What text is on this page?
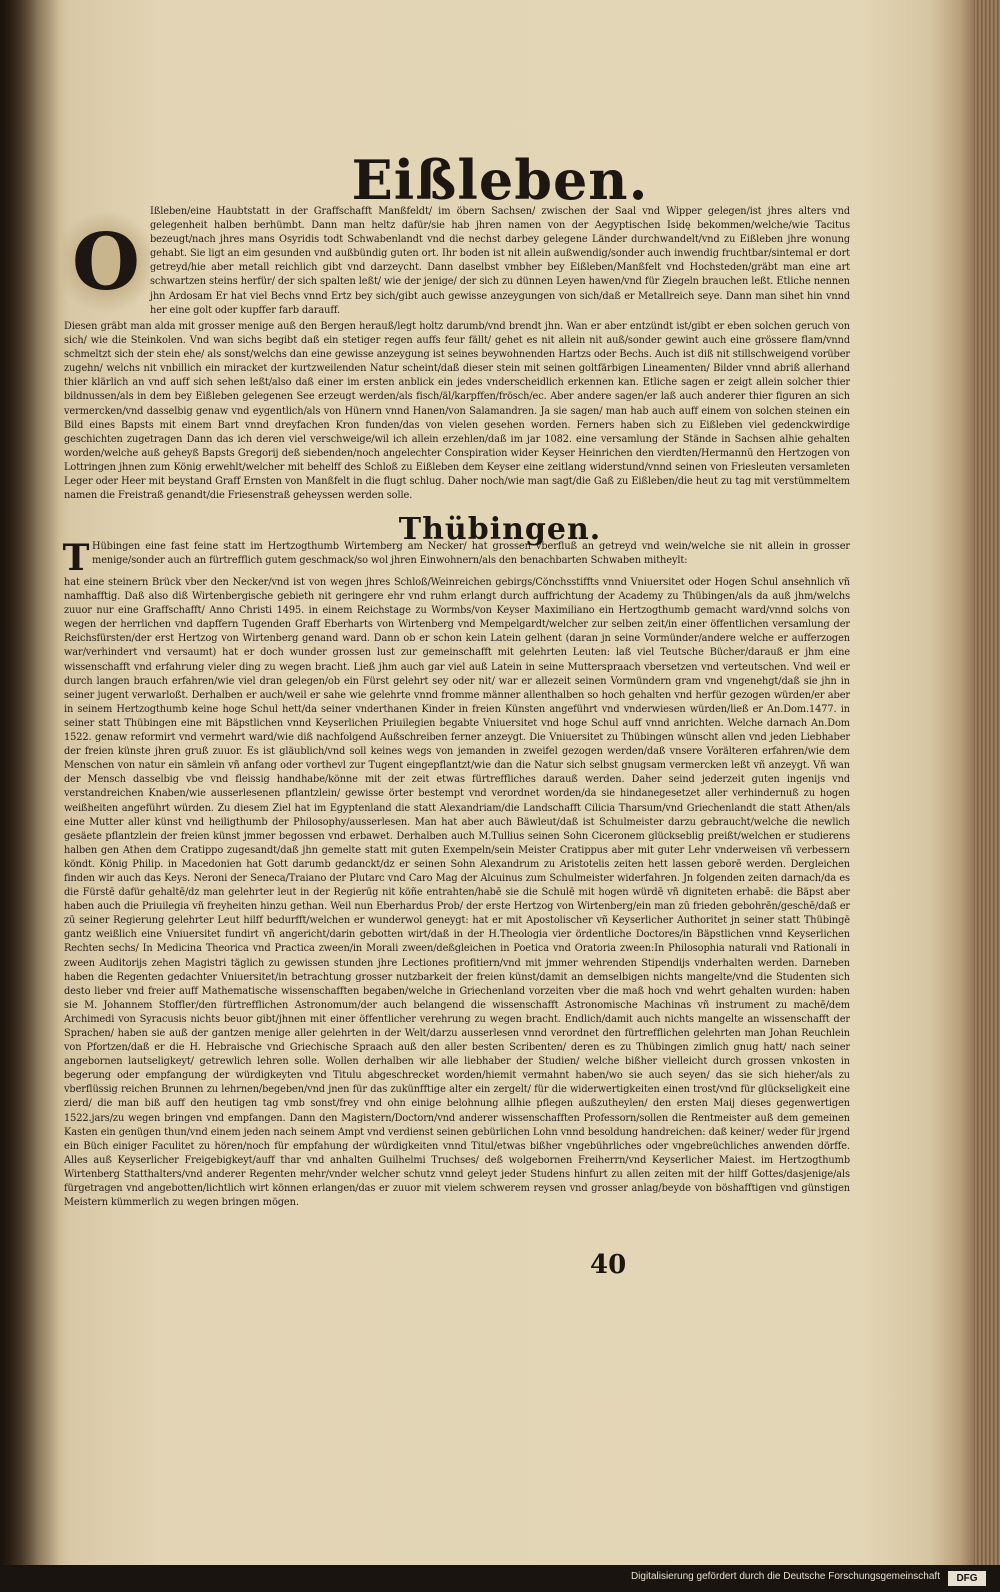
Eißleben.
O
Ißleben/eine Haubtstatt in der Graffschafft Manßfeldt/ im öbern Sachsen/ zwischen der Saal vnd Wipper gelegen/ist jhres alters vnd gelegenheit halben berhümbt. Dann man heltz dafür/sie hab jhren namen von der Aegyptischen Isidę bekommen/welche/wie Tacitus bezeugt/nach jhres mans Osyridis todt Schwabenlandt vnd die nechst darbey gelegene Länder durchwandelt/vnd zu Eißleben jhre wonung gehabt. Sie ligt an eim gesunden vnd außbündig guten ort. Ihr boden ist nit allein außwendig/sonder auch inwendig fruchtbar/sintemal er dort getreyd/hie aber metall reichlich gibt vnd darzeycht. Dann daselbst vmbher bey Eißleben/Manßfelt vnd Hochsteden/gräbt man eine art schwartzen steins herfür/ der sich spalten leßt/ wie der jenige/ der sich zu dünnen Leyen hawen/vnd für Ziegeln brauchen leßt. Etliche nennen jhn Ardosam Er hat viel Bechs vnnd Ertz bey sich/gibt auch gewisse anzeygungen von sich/daß er Metallreich seye. Dann man sihet hin vnnd her eine golt oder kupffer farb darauff.
Diesen gräbt man alda mit grosser menige auß den Bergen herauß/legt holtz darumb/vnd brendt jhn. Wan er aber entzündt ist/gibt er eben solchen geruch von sich/ wie die Steinkolen. Vnd wan sichs begibt daß ein stetiger regen auffs feur fällt/ gehet es nit allein nit auß/sonder gewint auch eine grössere flam/vnnd schmeltzt sich der stein ehe/ als sonst/welchs dan eine gewisse anzeygung ist seines beywohnenden Hartzs oder Bechs. Auch ist diß nit stillschweigend vorüber zugehn/ welchs nit vnbillich ein miracket der kurtzweilenden Natur scheint/daß dieser stein mit seinen goltfärbigen Lineamenten/ Bilder vnnd abriß allerhand thier klärlich an vnd auff sich sehen leßt/also daß einer im ersten anblick ein jedes vnderscheidlich erkennen kan. Etliche sagen er zeigt allein solcher thier bildnussen/als in dem bey Eißleben gelegenen See erzeugt werden/als fisch/äl/karpffen/frösch/ec. Aber andere sagen/er laß auch anderer thier figuren an sich vermercken/vnd dasselbig genaw vnd eygentlich/als von Hünern vnnd Hanen/von Salamandren. Ja sie sagen/ man hab auch auff einem von solchen steinen ein Bild eines Bapsts mit einem Bart vnnd dreyfachen Kron funden/das von vielen gesehen worden. Ferners haben sich zu Eißleben viel gedenckwirdige geschichten zugetragen Dann das ich deren viel verschweige/wil ich allein erzehlen/daß im jar 1082. eine versamlung der Stände in Sachsen alhie gehalten worden/welche auß geheyß Bapsts Gregorij deß siebenden/noch angelechter Conspiration wider Keyser Heinrichen den vierdten/Hermannū den Hertzogen von Lottringen jhnen zum König erwehlt/welcher mit behelff des Schloß zu Eißleben dem Keyser eine zeitlang widerstund/vnnd seinen von Friesleuten versamleten Leger oder Heer mit beystand Graff Ernsten von Manßfelt in die flugt schlug. Daher noch/wie man sagt/die Gaß zu Eißleben/die heut zu tag mit verstümmeltem namen die Freistraß genandt/die Friesenstraß geheyssen werden solle.
Thübingen.
T Hübingen eine fast feine statt im Hertzogthumb Wirtemberg am Necker/ hat grossen vberfluß an getreyd vnd wein/welche sie nit allein in grosser menige/sonder auch an fürtrefflich gutem geschmack/so wol jhren Einwohnern/als den benachbarten Schwaben mitheylt:
hat eine steinern Brück vber den Necker/vnd ist von wegen jhres Schloß/Weinreichen gebirgs/Cönchsstiffts vnnd Vniuersitet oder Hogen Schul ansehnlich vñ namhafftig. Daß also diß Wirtenbergische gebieth nit geringere ehr vnd ruhm erlangt durch auffrichtung der Academy zu Thübingen/als da auß jhm/welchs zuuor nur eine Graffschafft/ Anno Christi 1495. in einem Reichstage zu Wormbs/von Keyser Maximiliano ein Hertzogthumb gemacht ward/vnnd solchs von wegen der herrlichen vnd dapffern Tugenden Graff Eberharts von Wirtenberg vnd Mempelgardt/welcher zur selben zeit/in einer öffentlichen versamlung der Reichsfürsten/der erst Hertzog von Wirtenberg genand ward. Dann ob er schon kein Latein gelhent (daran jn seine Vormünder/andere welche er aufferzogen war/verhindert vnd versaumt) hat er doch wunder grossen lust zur gemeinschafft mit gelehrten Leuten: laß viel Teutsche Bücher/darauß er jhm eine wissenschafft vnd erfahrung vieler ding zu wegen bracht. Ließ jhm auch gar viel auß Latein in seine Mutterspraach vbersetzen vnd verteutschen. Vnd weil er durch langen brauch erfahren/wie viel dran gelegen/ob ein Fürst gelehrt sey oder nit/ war er allezeit seinen Vormündern gram vnd vngenehgt/daß sie jhn in seiner jugent verwarloßt. Derhalben er auch/weil er sahe wie gelehrte vnnd fromme männer allenthalben so hoch gehalten vnd herfür gezogen würden/er aber in seinem Hertzogthumb keine hoge Schul hett/da seiner vnderthanen Kinder in freien Künsten angeführt vnd vnderwiesen würden/ließ er An.Dom.1477. in seiner statt Thübingen eine mit Bäpstlichen vnnd Keyserlichen Priuilegien begabte Vniuersitet vnd hoge Schul auff vnnd anrichten. Welche darnach An.Dom 1522. genaw reformirt vnd vermehrt ward/wie diß nachfolgend Außschreiben ferner anzeygt. Die Vniuersitet zu Thübingen wünscht allen vnd jeden Liebhaber der freien künste jhren gruß zuuor. Es ist gläublich/vnd soll keines wegs von jemanden in zweifel gezogen werden/daß vnsere Vorälteren erfahren/wie dem Menschen von natur ein sämlein vñ anfang oder vorthevl zur Tugent eingepflantzt/wie dan die Natur sich selbst gnugsam vermercken leßt vñ anzeygt. Vñ wan der Mensch dasselbig vbe vnd fleissig handhabe/könne mit der zeit etwas fürtreffliches darauß werden. Daher seind jederzeit guten ingenijs vnd verstandreichen Knaben/wie ausserlesenen pflantzlein/ gewisse örter bestempt vnd verordnet worden/da sie hindanegesetzet aller verhindernuß zu hogen weißheiten angeführt würden. Zu diesem Ziel hat im Egyptenland die statt Alexandriam/die Landschafft Cilicia Tharsum/vnd Griechenlandt die statt Athen/als eine Mutter aller künst vnd heiligthumb der Philosophy/ausserlesen. Man hat aber auch Bäwleut/daß ist Schulmeister darzu gebraucht/welche die newlich gesäete pflantzlein der freien künst jmmer begossen vnd erbawet. Derhalben auch M.Tullius seinen Sohn Ciceronem glückseblig preißt/welchen er studierens halben gen Athen dem Cratippo zugesandt/daß jhn gemelte statt mit guten Exempeln/sein Meister Cratippus aber mit guter Lehr vnderweisen vñ verbessern köndt. König Philip. in Macedonien hat Gott darumb gedanckt/dz er seinen Sohn Alexandrum zu Aristotelis zeiten hett lassen geborē werden. Dergleichen finden wir auch das Keys. Neroni der Seneca/Traiano der Plutarc vnd Caro Mag der Alcuinus zum Schulmeister widerfahren. Jn folgenden zeiten darnach/da es die Fürstē dafür gehaltē/dz man gelehrter leut in der Regierūg nit köñe entrahten/habē sie die Schulē mit hogen würdē vñ digniteten erhabē: die Bäpst aber haben auch die Priuilegia vñ freyheiten hinzu gethan. Weil nun Eberhardus Prob/ der erste Hertzog von Wirtenberg/ein man zū frieden gebohrēn/geschē/daß er zū seiner Regierung gelehrter Leut hilff bedurfft/welchen er wunderwol geneygt: hat er mit Apostolischer vñ Keyserlicher Authoritet jn seiner statt Thübingē gantz weißlich eine Vniuersitet fundirt vñ angericht/darin gebotten wirt/daß in der H.Theologia vier ördentliche Doctores/in Bäpstlichen vnnd Keyserlichen Rechten sechs/ In Medicina Theorica vnd Practica zween/in Morali zween/deßgleichen in Poetica vnd Oratoria zween:In Philosophia naturali vnd Rationali in zween Auditorijs zehen Magistri täglich zu gewissen stunden jhre Lectiones profitiern/vnd mit jmmer wehrenden Stipendijs vnderhalten werden. Darneben haben die Regenten gedachter Vniuersitet/in betrachtung grosser nutzbarkeit der freien künst/damit an demselbigen nichts mangelte/vnd die Studenten sich desto lieber vnd freier auff Mathematische wissenschafften begaben/welche in Griechenland vorzeiten vber die maß hoch vnd wehrt gehalten wurden: haben sie M. Johannem Stoffler/den fürtrefflichen Astronomum/der auch belangend die wissenschafft Astronomische Machinas vñ instrument zu machē/dem Archimedi von Syracusis nichts beuor gibt/jhnen mit einer öffentlicher verehrung zu wegen bracht. Endlich/damit auch nichts mangelte an wissenschafft der Sprachen/ haben sie auß der gantzen menige aller gelehrten in der Welt/darzu ausserlesen vnnd verordnet den fürtrefflichen gelehrten man Johan Reuchlein von Pfortzen/daß er die H. Hebraische vnd Griechische Spraach auß den aller besten Scribenten/ deren es zu Thübingen zimlich gnug hatt/ nach seiner angebornen lautseligkeyt/ getrewlich lehren solle. Wollen derhalben wir alle liebhaber der Studien/ welche bißher vielleicht durch grossen vnkosten in begerung oder empfangung der würdigkeyten vnd Titulu abgeschrecket worden/hiemit vermahnt haben/wo sie auch seyen/ das sie sich hieher/als zu vberflüssig reichen Brunnen zu lehrnen/begeben/vnd jnen für das zukünfftige alter ein zergelt/ für die widerwertigkeiten einen trost/vnd für glückseligkeit eine zierd/ die man biß auff den heutigen tag vmb sonst/frey vnd ohn einige belohnung allhie pflegen außzutheylen/ den ersten Maij dieses gegenwertigen 1522.jars/zu wegen bringen vnd empfangen. Dann den Magistern/Doctorn/vnd anderer wissenschafften Professorn/sollen die Rentmeister auß dem gemeinen Kasten ein genügen thun/vnd einem jeden nach seinem Ampt vnd verdienst seinen gebürlichen Lohn vnnd besoldung handreichen: daß keiner/ weder für jrgend ein Büch einiger Faculitet zu hören/noch für empfahung der würdigkeiten vnnd Titul/etwas bißher vngebührliches oder vngebreüchliches anwenden dörffe. Alles auß Keyserlicher Freigebigkeyt/auff thar vnd anhalten Guilhelmi Truchses/ deß wolgebornen Freiherrn/vnd Keyserlicher Maiest. im Hertzogthumb Wirtenberg Statthalters/vnd anderer Regenten mehr/vnder welcher schutz vnnd geleyt jeder Studens hinfurt zu allen zeiten mit der hilff Gottes/dasjenige/als fürgetragen vnd angebotten/lichtlich wirt können erlangen/das er zuuor mit vielem schwerem reysen vnd grosser anlag/beyde von böshafftigen vnd günstigen Meistern kümmerlich zu wegen bringen mögen.
40
Digitalisierung gefördert durch die Deutsche Forschungsgemeinschaft	DFG
